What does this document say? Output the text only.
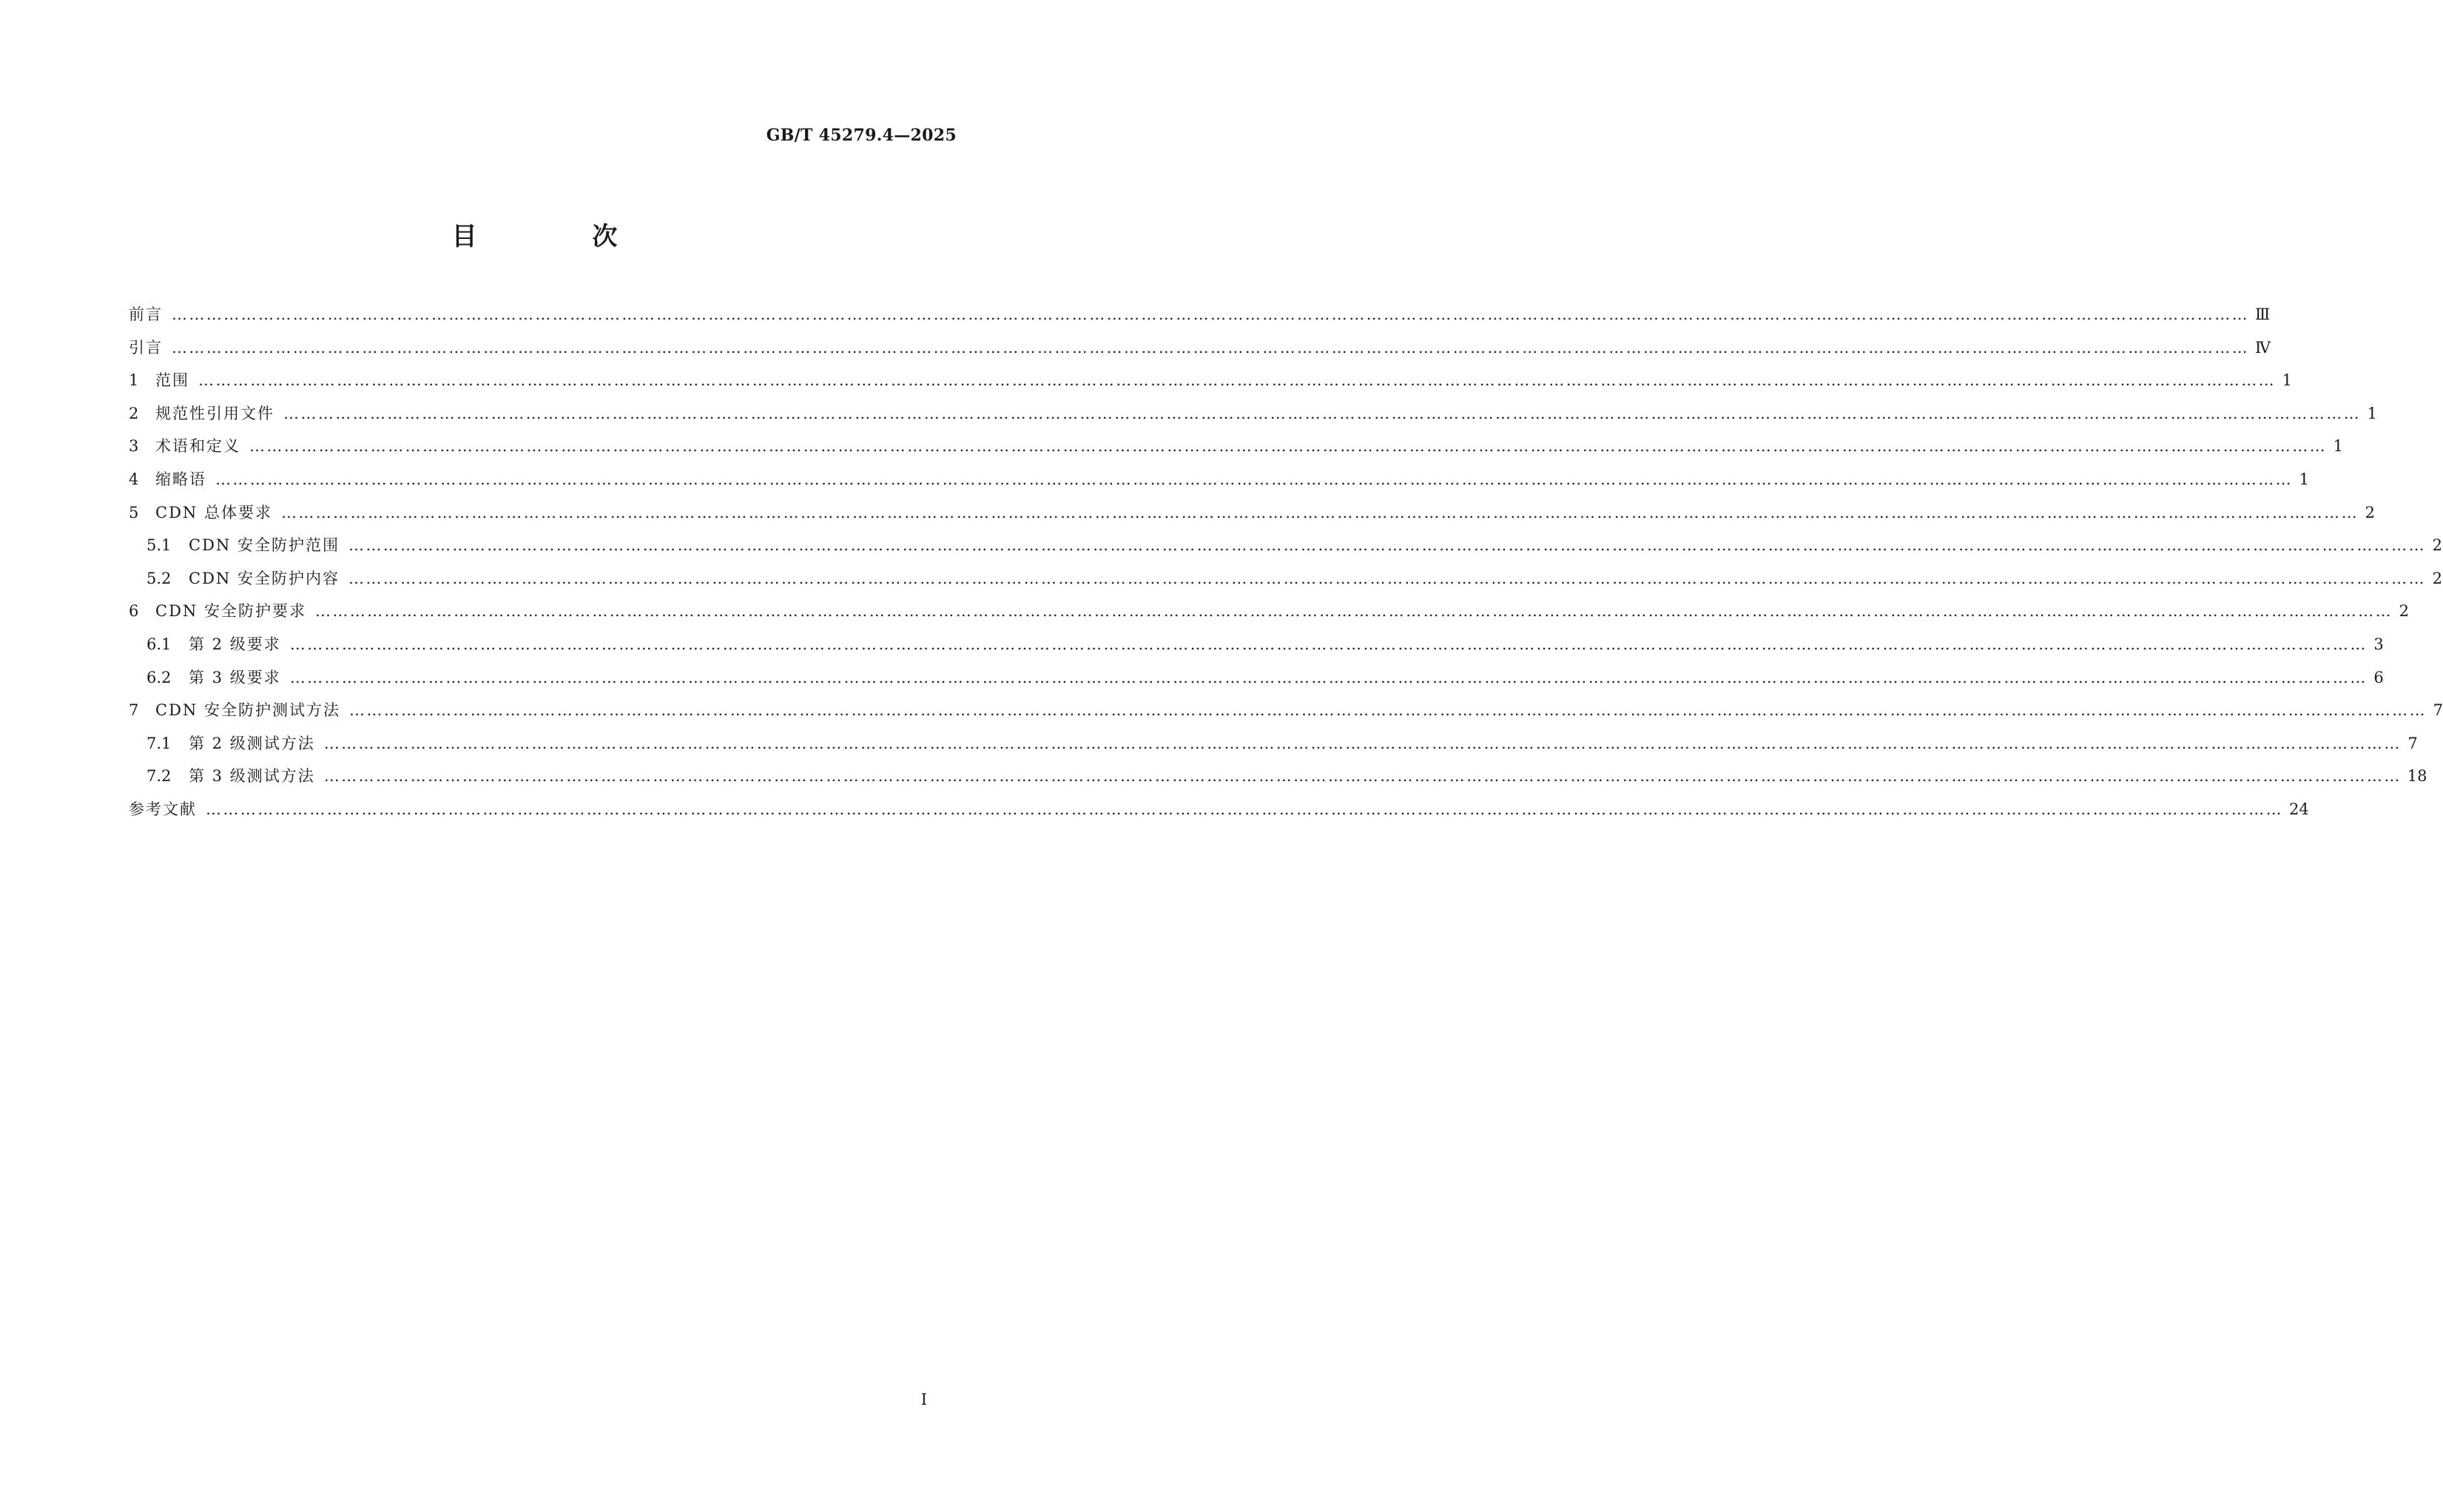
GB/T 45279.4—2025
目 次
前言 ……………………………………………………………………………………………………………………………………………………………………………………………………………………………………………………………………………………………………………………………… Ⅲ
引言 ……………………………………………………………………………………………………………………………………………………………………………………………………………………………………………………………………………………………………………………………… Ⅳ
1	范围 ……………………………………………………………………………………………………………………………………………………………………………………………………………………………………………………………………………………………………………………………… 1
2	规范性引用文件 ……………………………………………………………………………………………………………………………………………………………………………………………………………………………………………………………………………………………………………………………… 1
3	术语和定义 ……………………………………………………………………………………………………………………………………………………………………………………………………………………………………………………………………………………………………………………………… 1
4	缩略语 ……………………………………………………………………………………………………………………………………………………………………………………………………………………………………………………………………………………………………………………………… 1
5	CDN 总体要求 ……………………………………………………………………………………………………………………………………………………………………………………………………………………………………………………………………………………………………………………………… 2
5.1	CDN 安全防护范围 ……………………………………………………………………………………………………………………………………………………………………………………………………………………………………………………………………………………………………………………………… 2
5.2	CDN 安全防护内容 ……………………………………………………………………………………………………………………………………………………………………………………………………………………………………………………………………………………………………………………………… 2
6	CDN 安全防护要求 ……………………………………………………………………………………………………………………………………………………………………………………………………………………………………………………………………………………………………………………………… 2
6.1	第 2 级要求 ……………………………………………………………………………………………………………………………………………………………………………………………………………………………………………………………………………………………………………………………… 3
6.2	第 3 级要求 ……………………………………………………………………………………………………………………………………………………………………………………………………………………………………………………………………………………………………………………………… 6
7	CDN 安全防护测试方法 ……………………………………………………………………………………………………………………………………………………………………………………………………………………………………………………………………………………………………………………………… 7
7.1	第 2 级测试方法 ……………………………………………………………………………………………………………………………………………………………………………………………………………………………………………………………………………………………………………………………… 7
7.2	第 3 级测试方法 ……………………………………………………………………………………………………………………………………………………………………………………………………………………………………………………………………………………………………………………………… 18
参考文献 ……………………………………………………………………………………………………………………………………………………………………………………………………………………………………………………………………………………………………………………………… 24
I
